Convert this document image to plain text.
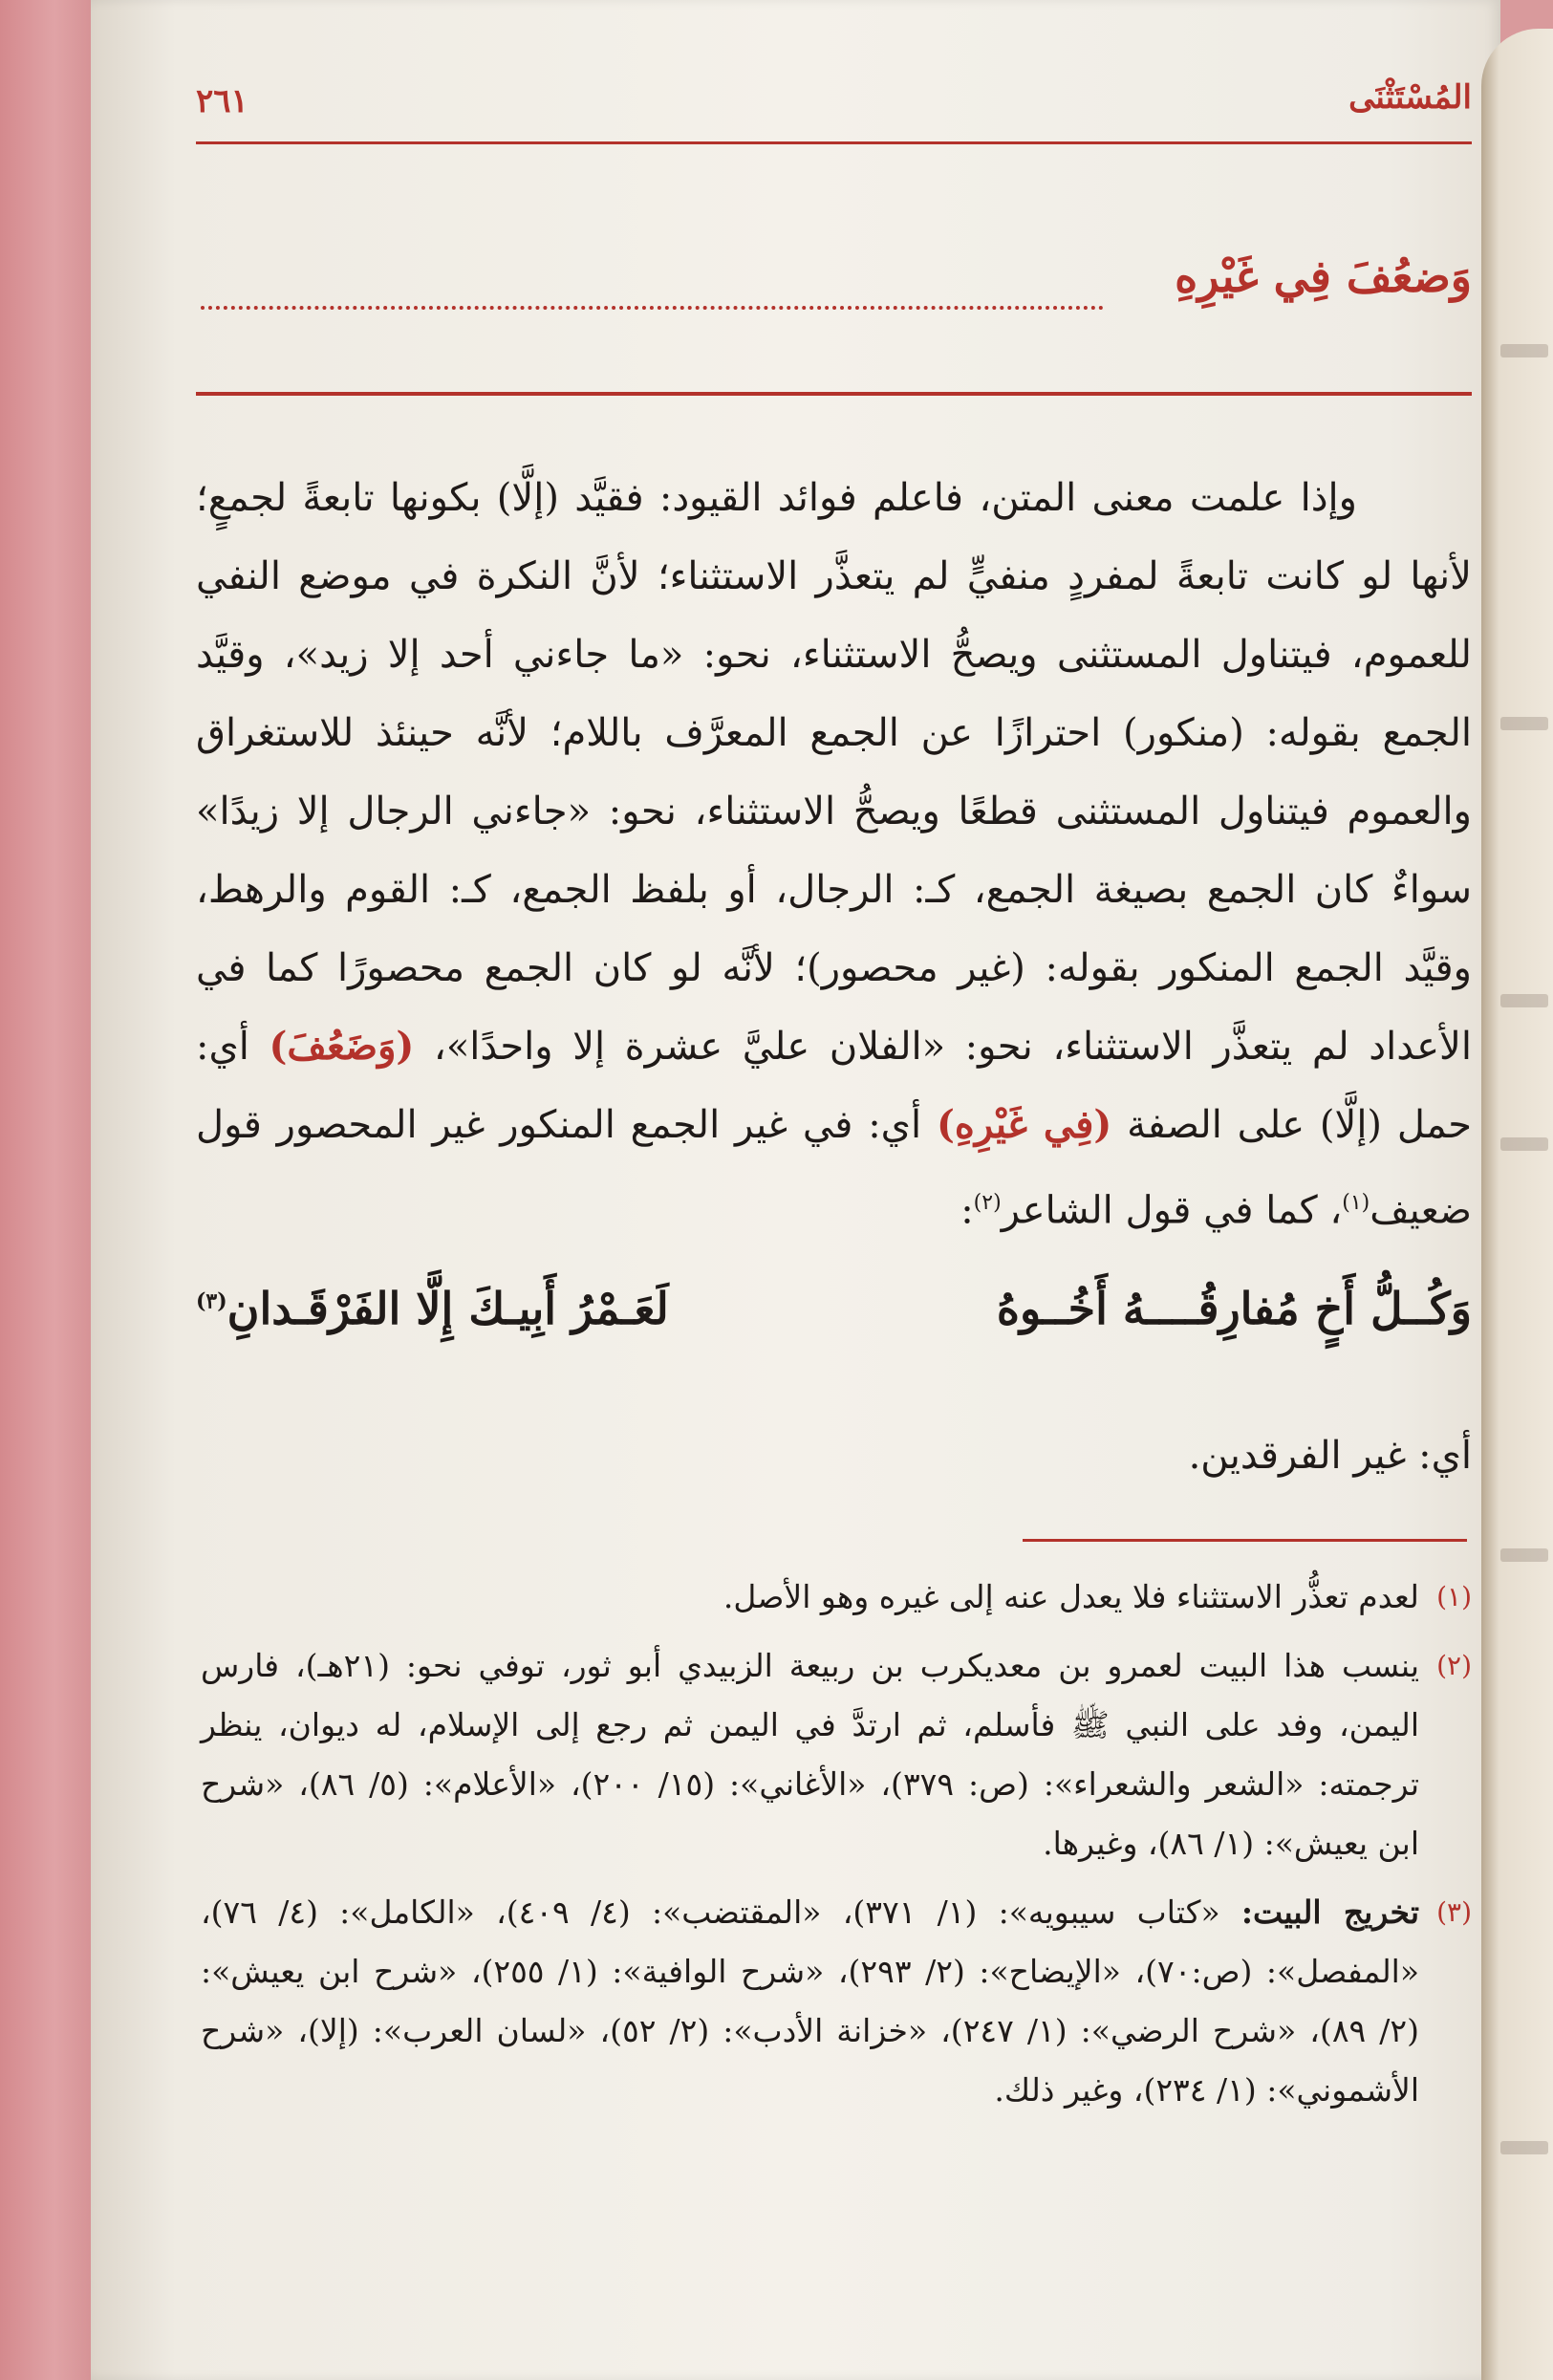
المُسْتَثْنَى
٢٦١
وَضعُفَ فِي غَيْرِهِ

وإذا علمت معنى المتن، فاعلم فوائد القيود: فقيَّد (إلَّا) بكونها تابعةً لجمعٍ؛ لأنها لو كانت تابعةً لمفردٍ منفيٍّ لم يتعذَّر الاستثناء؛ لأنَّ النكرة في موضع النفي للعموم، فيتناول المستثنى ويصحُّ الاستثناء، نحو: «ما جاءني أحد إلا زيد»، وقيَّد الجمع بقوله: (منكور) احترازًا عن الجمع المعرَّف باللام؛ لأنَّه حينئذ للاستغراق والعموم فيتناول المستثنى قطعًا ويصحُّ الاستثناء، نحو: «جاءني الرجال إلا زيدًا» سواءٌ كان الجمع بصيغة الجمع، كـ: الرجال، أو بلفظ الجمع، كـ: القوم والرهط، وقيَّد الجمع المنكور بقوله: (غير محصور)؛ لأنَّه لو كان الجمع محصورًا كما في الأعداد لم يتعذَّر الاستثناء، نحو: «الفلان عليَّ عشرة إلا واحدًا»، (وَضَعُفَ) أي: حمل (إلَّا) على الصفة (فِي غَيْرِهِ) أي: في غير الجمع المنكور غير المحصور قول ضعيف$^{(١)}$، كما في قول الشاعر$^{(٢)}$:

وَكُــلُّ أَخٍ مُفارِقُــــهُ أَخُــوهُ
لَعَـمْرُ أَبِيـكَ إِلَّا الفَرْقَـدانِ$^{(٣)}$
أي: غير الفرقدين.
(١)
لعدم تعذُّر الاستثناء فلا يعدل عنه إلى غيره وهو الأصل.
(٢)
ينسب هذا البيت لعمرو بن معديكرب بن ربيعة الزبيدي أبو ثور، توفي نحو: (٢١هـ)، فارس اليمن، وفد على النبي ﷺ فأسلم، ثم ارتدَّ في اليمن ثم رجع إلى الإسلام، له ديوان، ينظر ترجمته: «الشعر والشعراء»: (ص: ٣٧٩)، «الأغاني»: (١٥/ ٢٠٠)، «الأعلام»: (٥/ ٨٦)، «شرح ابن يعيش»: (١/ ٨٦)، وغيرها.
(٣)
تخريج البيت: «كتاب سيبويه»: (١/ ٣٧١)، «المقتضب»: (٤/ ٤٠٩)، «الكامل»: (٤/ ٧٦)، «المفصل»: (ص:٧٠)، «الإيضاح»: (٢/ ٢٩٣)، «شرح الوافية»: (١/ ٢٥٥)، «شرح ابن يعيش»: (٢/ ٨٩)، «شرح الرضي»: (١/ ٢٤٧)، «خزانة الأدب»: (٢/ ٥٢)، «لسان العرب»: (إلا)، «شرح الأشموني»: (١/ ٢٣٤)، وغير ذلك.
